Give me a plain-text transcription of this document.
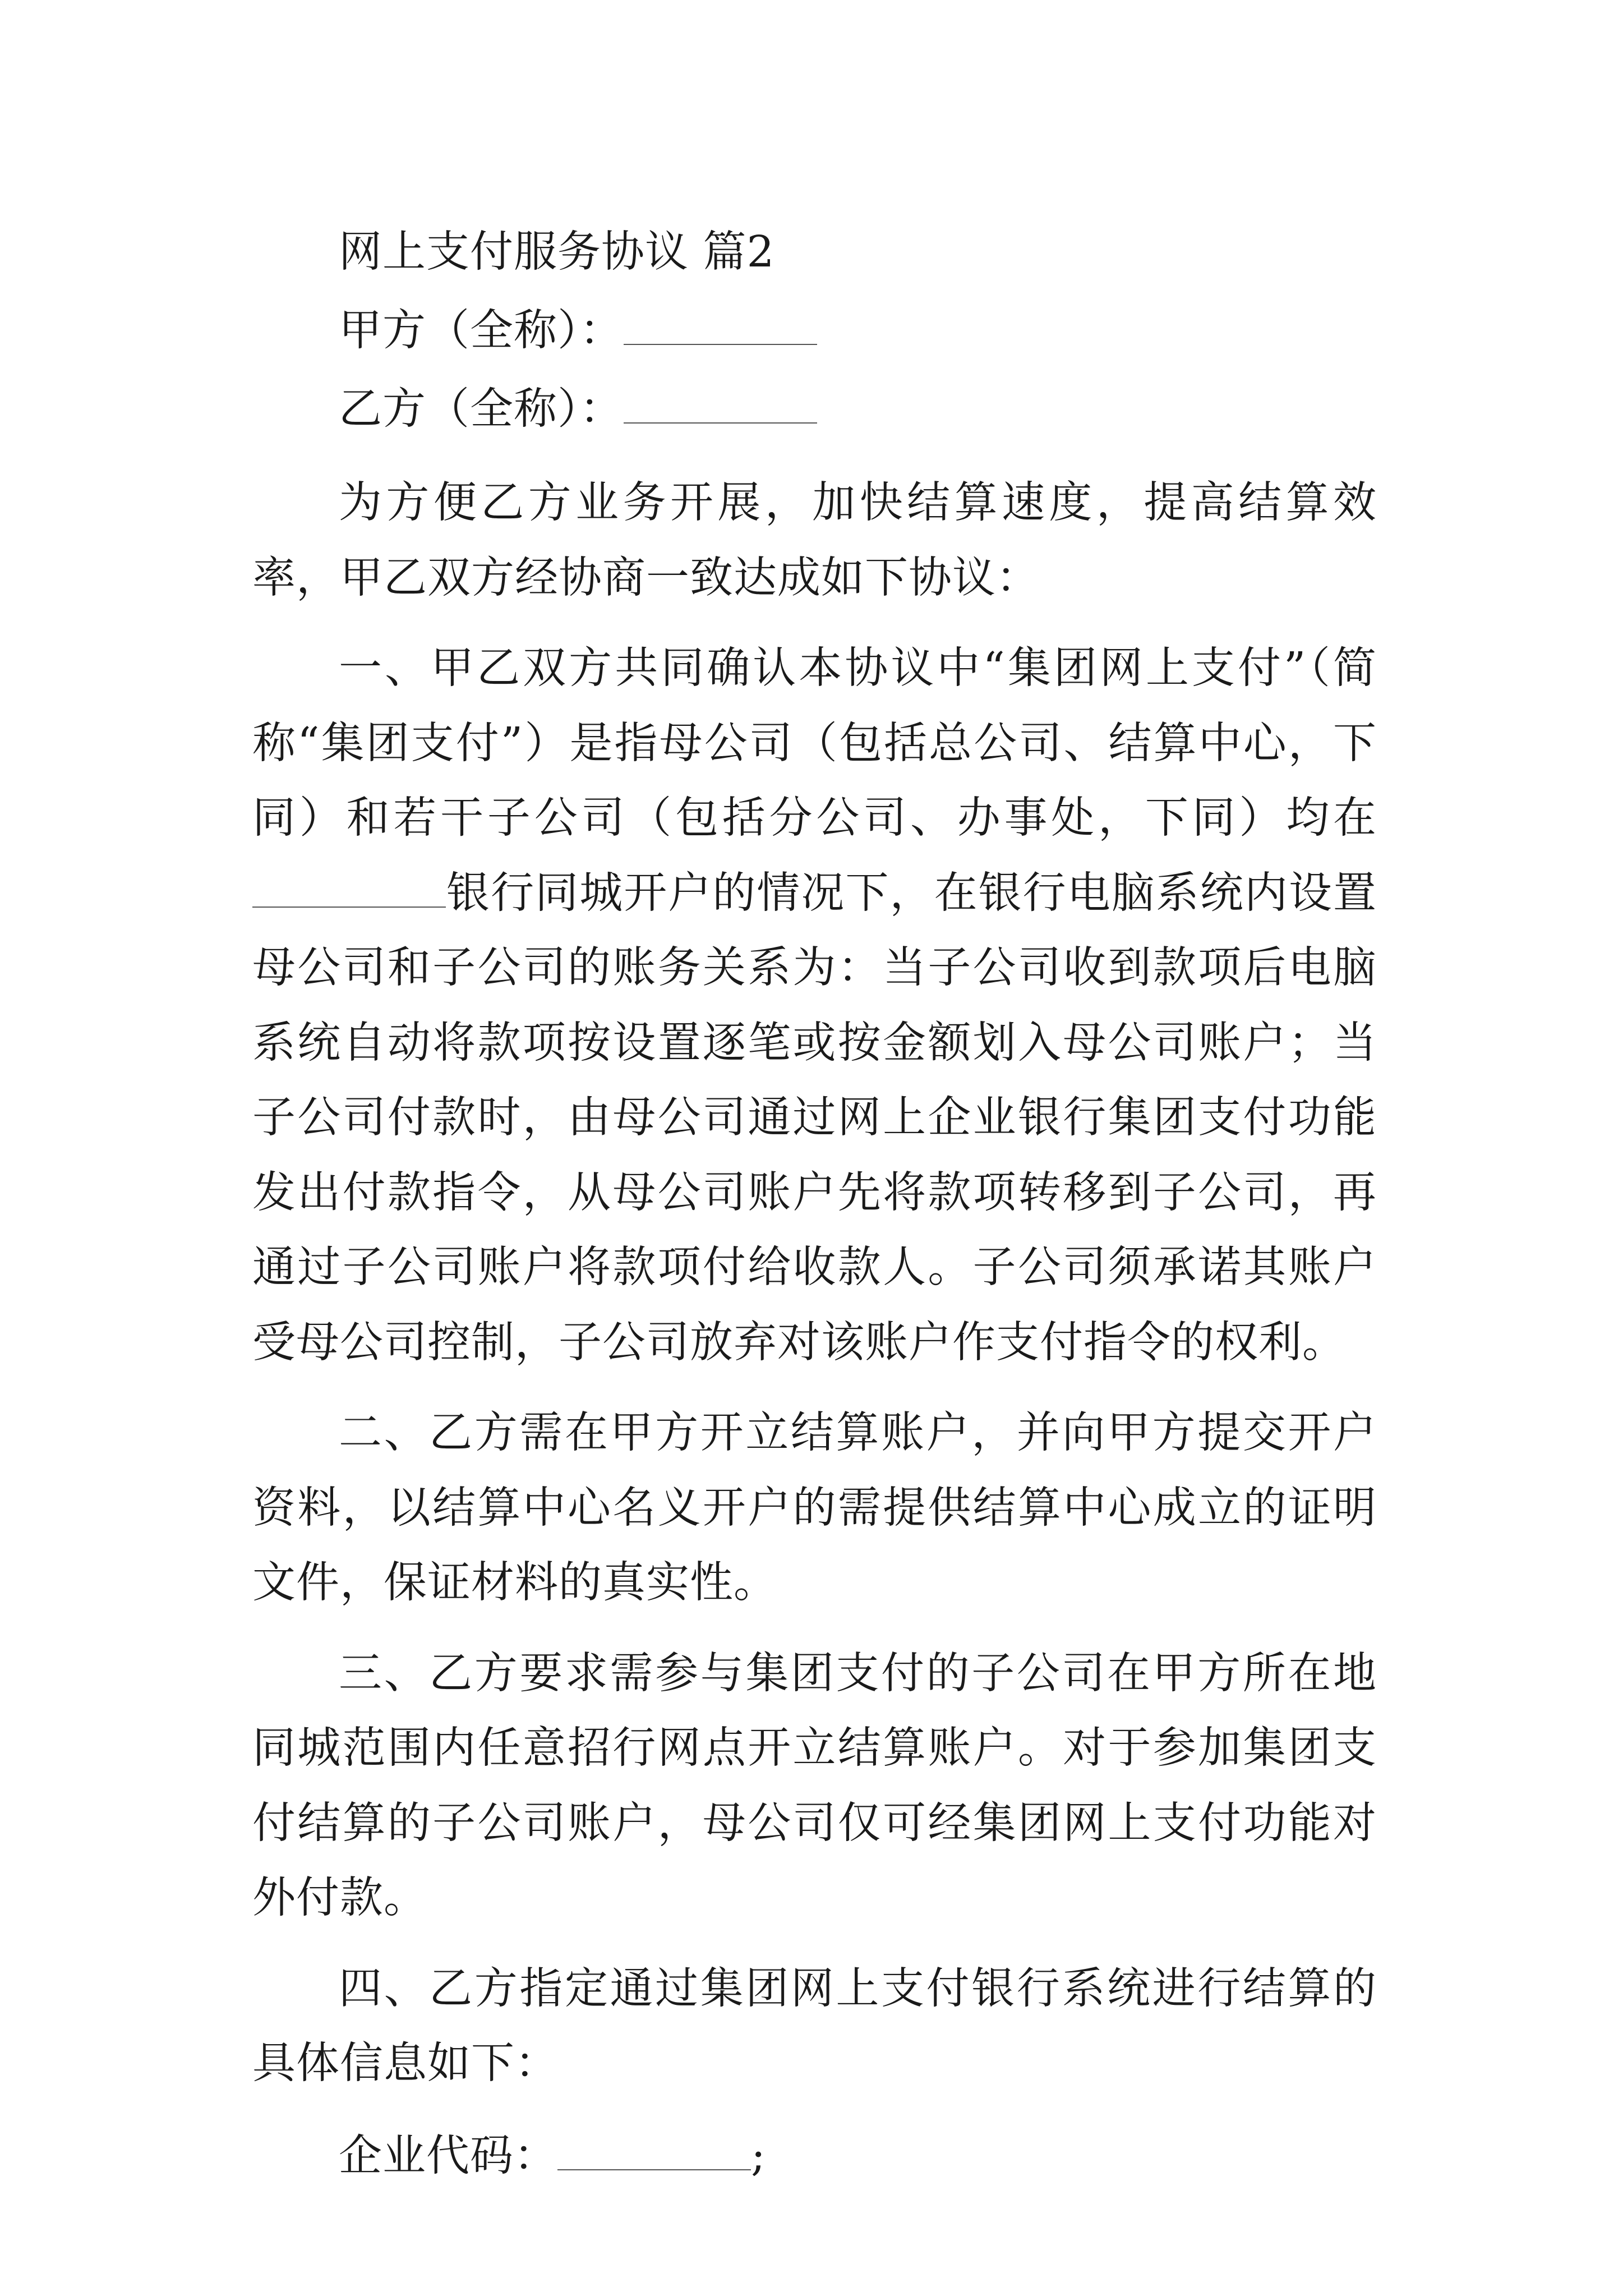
网上支付服务协议 篇2
甲方（全称）：
乙方（全称）：

为方便乙方业务开展，加快结算速度，提高结算效率，甲乙双方经协商一致达成如下协议：

一、甲乙双方共同确认本协议中“集团网上支付”（简称“集团支付”）是指母公司（包括总公司、结算中心，下同）和若干子公司（包括分公司、办事处，下同）均在银行同城开户的情况下，在银行电脑系统内设置母公司和子公司的账务关系为：当子公司收到款项后电脑系统自动将款项按设置逐笔或按金额划入母公司账户；当子公司付款时，由母公司通过网上企业银行集团支付功能发出付款指令，从母公司账户先将款项转移到子公司，再通过子公司账户将款项付给收款人。子公司须承诺其账户受母公司控制，子公司放弃对该账户作支付指令的权利。

二、乙方需在甲方开立结算账户，并向甲方提交开户资料，以结算中心名义开户的需提供结算中心成立的证明文件，保证材料的真实性。

三、乙方要求需参与集团支付的子公司在甲方所在地同城范围内任意招行网点开立结算账户。对于参加集团支付结算的子公司账户，母公司仅可经集团网上支付功能对外付款。

四、乙方指定通过集团网上支付银行系统进行结算的具体信息如下：

企业代码：	;
